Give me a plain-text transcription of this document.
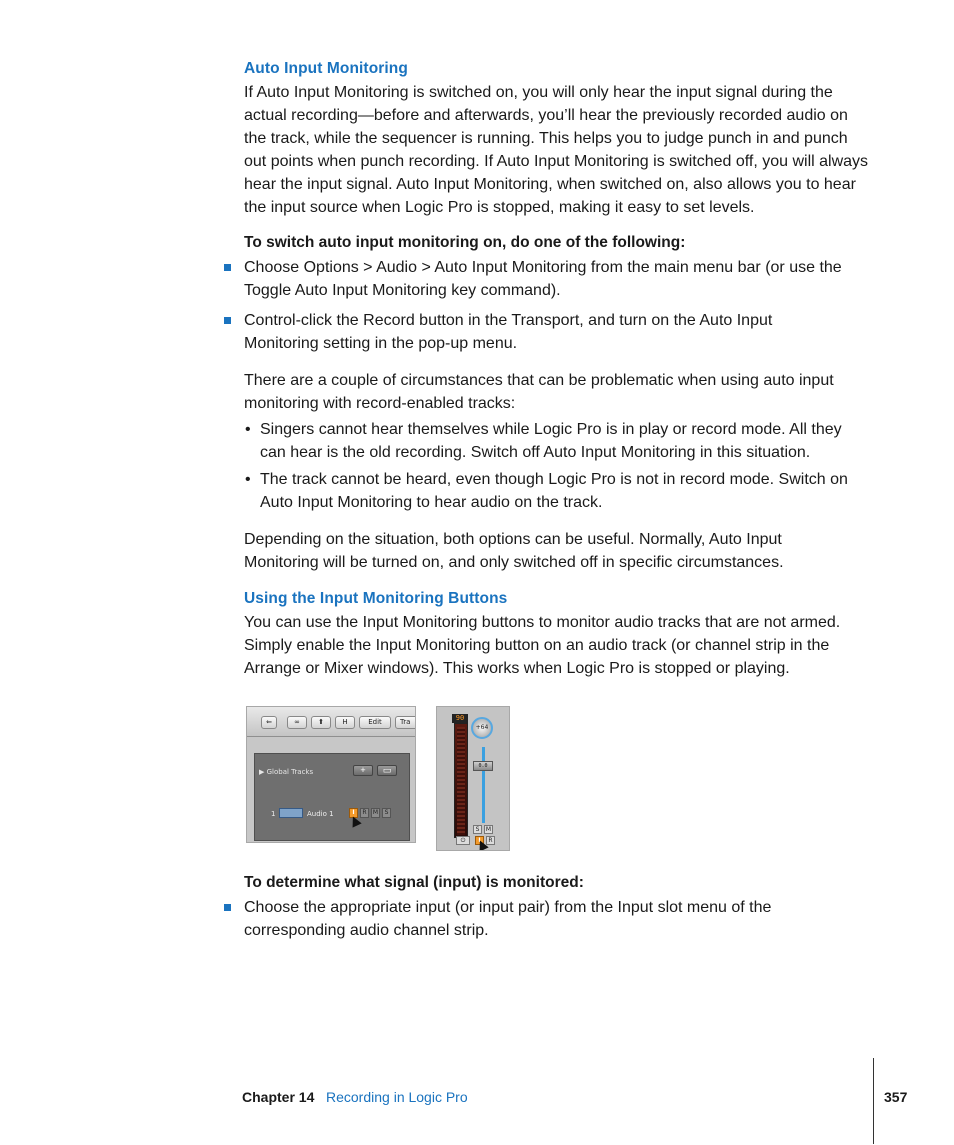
Auto Input Monitoring
If Auto Input Monitoring is switched on, you will only hear the input signal during the actual recording—before and afterwards, you’ll hear the previously recorded audio on the track, while the sequencer is running. This helps you to judge punch in and punch out points when punch recording. If Auto Input Monitoring is switched off, you will always hear the input signal. Auto Input Monitoring, when switched on, also allows you to hear the input source when Logic Pro is stopped, making it easy to set levels.
To switch auto input monitoring on, do one of the following:
Choose Options > Audio > Auto Input Monitoring from the main menu bar (or use the Toggle Auto Input Monitoring key command).
Control-click the Record button in the Transport, and turn on the Auto Input Monitoring setting in the pop-up menu.
There are a couple of circumstances that can be problematic when using auto input monitoring with record-enabled tracks:
• Singers cannot hear themselves while Logic Pro is in play or record mode. All they can hear is the old recording. Switch off Auto Input Monitoring in this situation.
• The track cannot be heard, even though Logic Pro is not in record mode. Switch on Auto Input Monitoring to hear audio on the track.
Depending on the situation, both options can be useful. Normally, Auto Input Monitoring will be turned on, and only switched off in specific circumstances.
Using the Input Monitoring Buttons
You can use the Input Monitoring buttons to monitor audio tracks that are not armed. Simply enable the Input Monitoring button on an audio track (or channel strip in the Arrange or Mixer windows). This works when Logic Pro is stopped or playing.
⇐	∞	⬆	H	Edit	Tra
▶ Global Tracks	+	▭
1	Audio 1	I	R	M	S
90
+64
0.0
S	M
⏻	I	R
To determine what signal (input) is monitored:
Choose the appropriate input (or input pair) from the Input slot menu of the corresponding audio channel strip.
Chapter 14 Recording in Logic Pro	357
